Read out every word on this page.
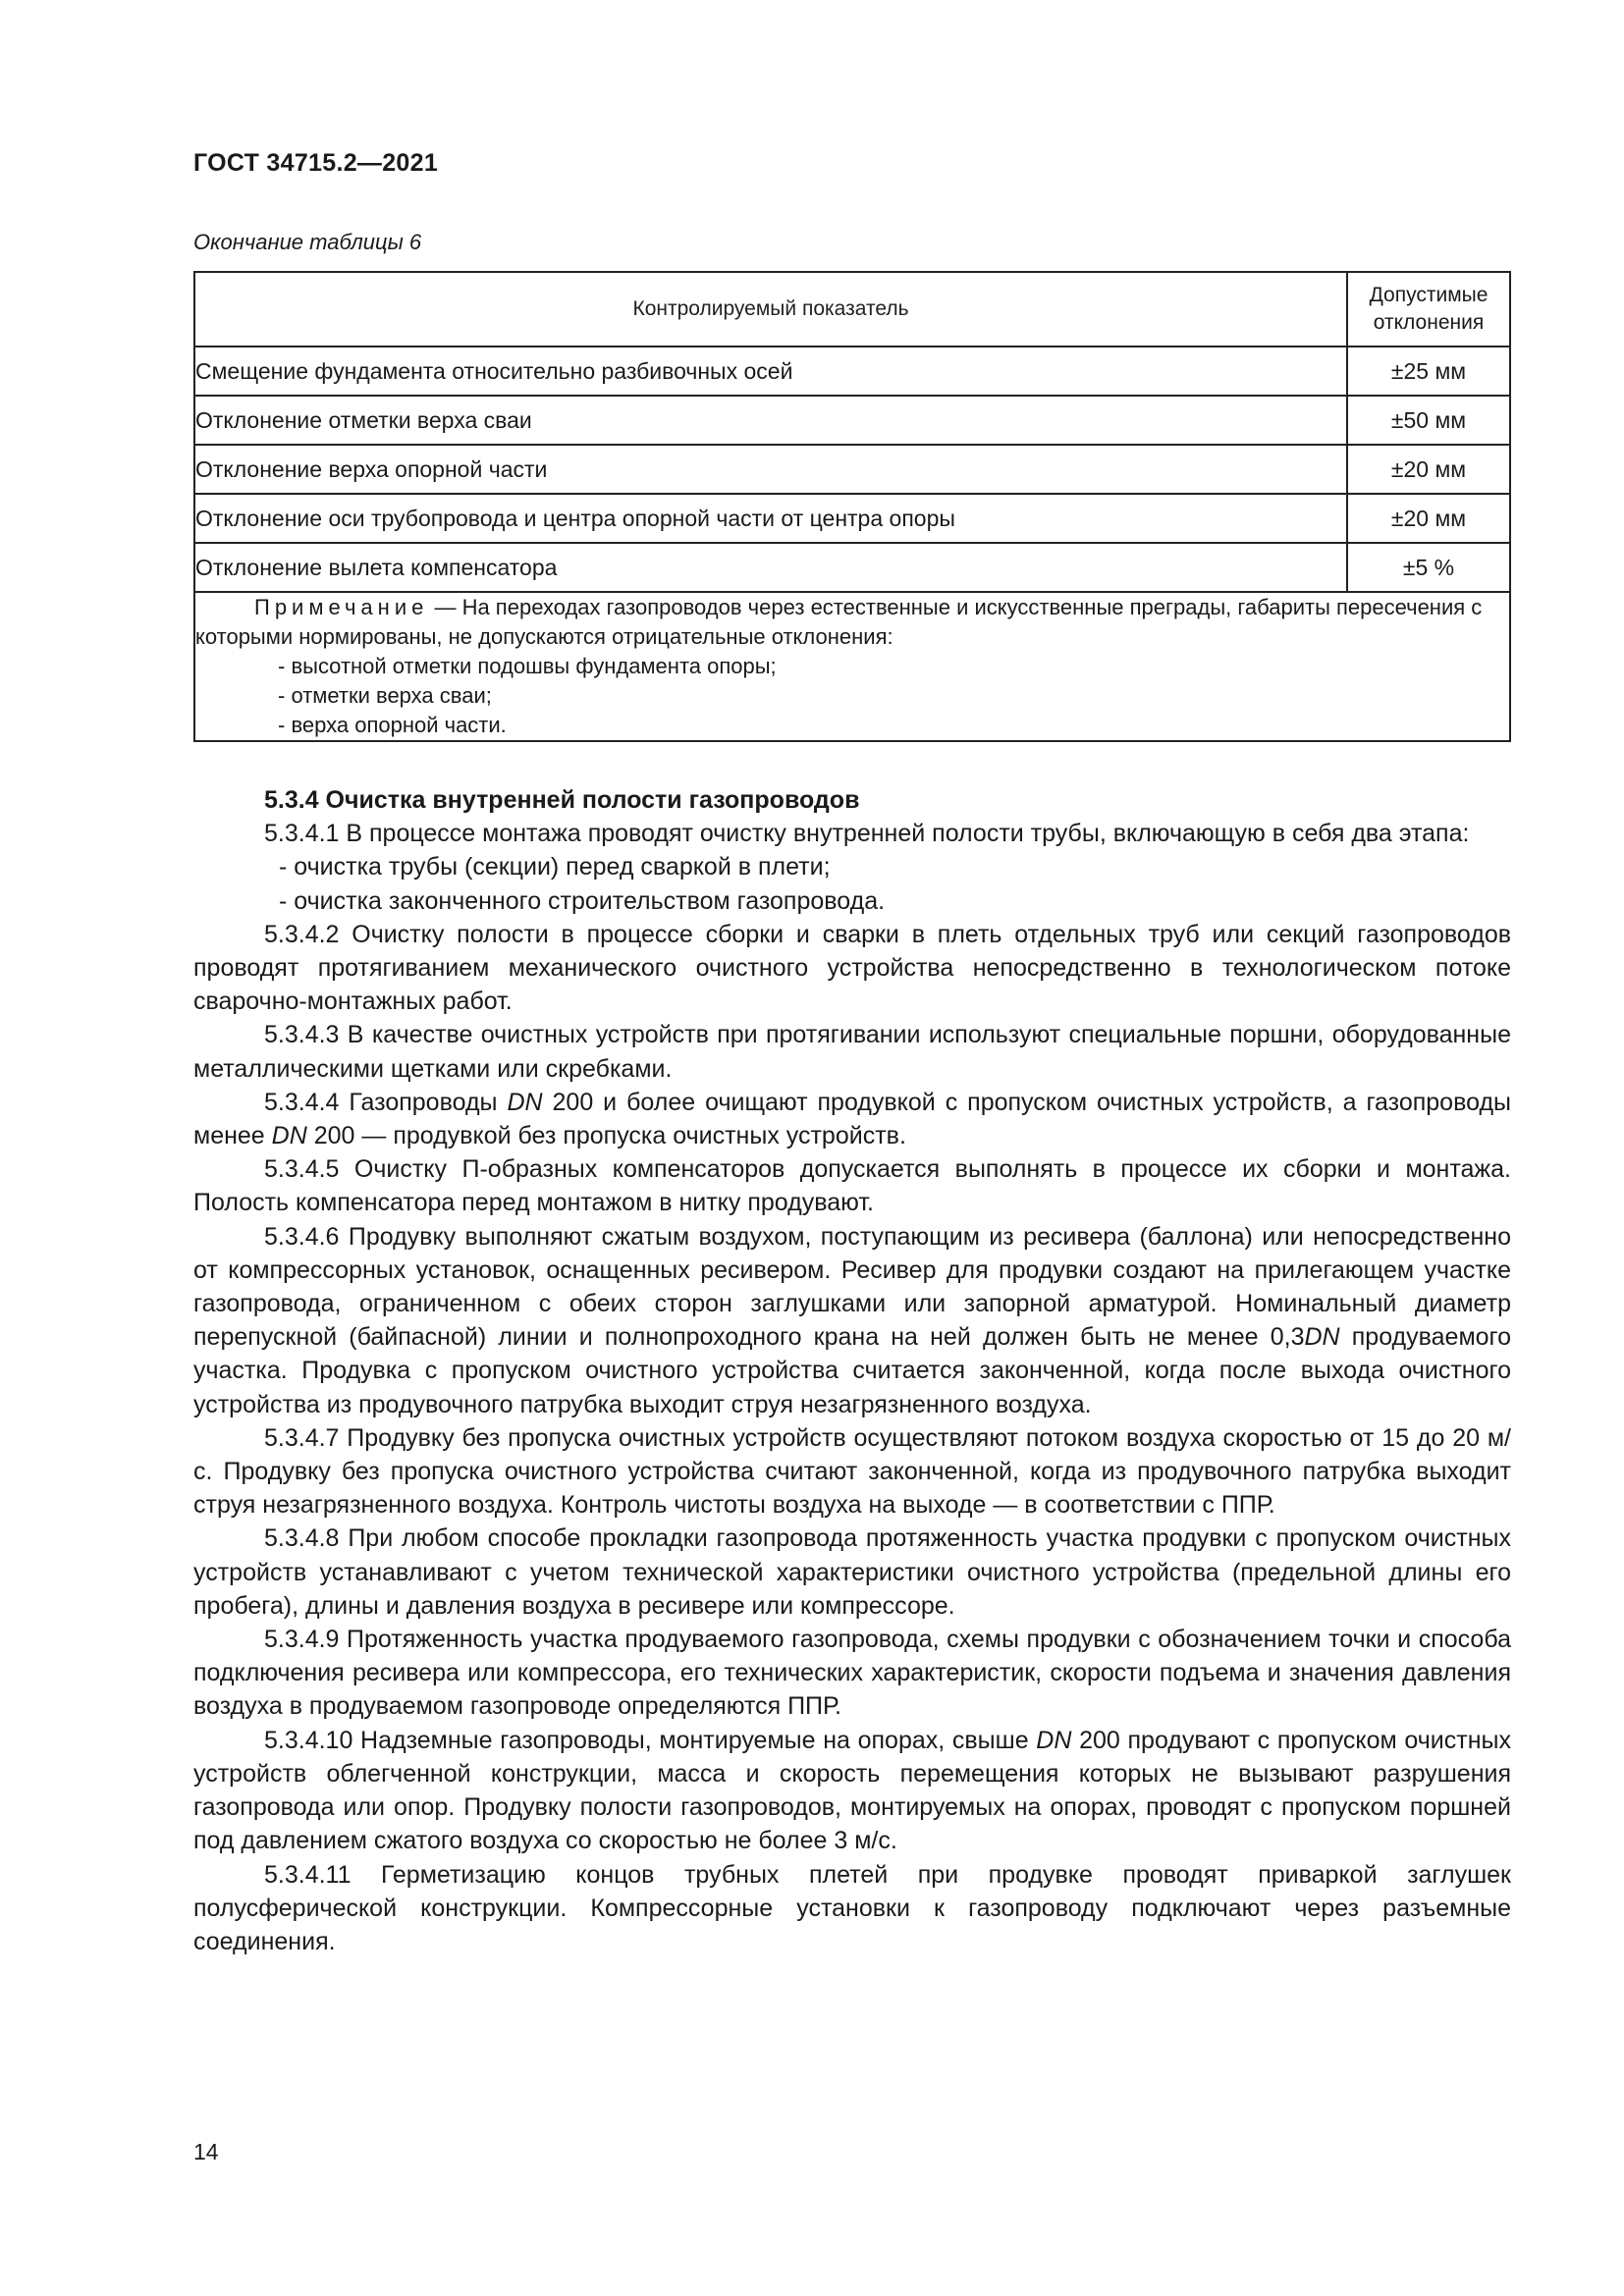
ГОСТ 34715.2—2021
Окончание таблицы 6
Контролируемый показатель	Допустимые отклонения
Смещение фундамента относительно разбивочных осей	±25 мм
Отклонение отметки верха сваи	±50 мм
Отклонение верха опорной части	±20 мм
Отклонение оси трубопровода и центра опорной части от центра опоры	±20 мм
Отклонение вылета компенсатора	±5 %

Примечание — На переходах газопроводов через естественные и искусственные преграды, габариты пересечения с которыми нормированы, не допускаются отрицательные отклонения:
- высотной отметки подошвы фундамента опоры;
- отметки верха сваи;
- верха опорной части.	

5.3.4 Очистка внутренней полости газопроводов

5.3.4.1 В процессе монтажа проводят очистку внутренней полости трубы, включающую в себя два этапа:

- очистка трубы (секции) перед сваркой в плети;

- очистка законченного строительством газопровода.

5.3.4.2 Очистку полости в процессе сборки и сварки в плеть отдельных труб или секций газопроводов проводят протягиванием механического очистного устройства непосредственно в технологическом потоке сварочно-монтажных работ.

5.3.4.3 В качестве очистных устройств при протягивании используют специальные поршни, оборудованные металлическими щетками или скребками.

5.3.4.4 Газопроводы DN 200 и более очищают продувкой с пропуском очистных устройств, а газопроводы менее DN 200 — продувкой без пропуска очистных устройств.

5.3.4.5 Очистку П-образных компенсаторов допускается выполнять в процессе их сборки и монтажа. Полость компенсатора перед монтажом в нитку продувают.

5.3.4.6 Продувку выполняют сжатым воздухом, поступающим из ресивера (баллона) или непосредственно от компрессорных установок, оснащенных ресивером. Ресивер для продувки создают на прилегающем участке газопровода, ограниченном с обеих сторон заглушками или запорной арматурой. Номинальный диаметр перепускной (байпасной) линии и полнопроходного крана на ней должен быть не менее 0,3DN продуваемого участка. Продувка с пропуском очистного устройства считается законченной, когда после выхода очистного устройства из продувочного патрубка выходит струя незагрязненного воздуха.

5.3.4.7 Продувку без пропуска очистных устройств осуществляют потоком воздуха скоростью от 15 до 20 м/с. Продувку без пропуска очистного устройства считают законченной, когда из продувочного патрубка выходит струя незагрязненного воздуха. Контроль чистоты воздуха на выходе — в соответствии с ППР.

5.3.4.8 При любом способе прокладки газопровода протяженность участка продувки с пропуском очистных устройств устанавливают с учетом технической характеристики очистного устройства (предельной длины его пробега), длины и давления воздуха в ресивере или компрессоре.

5.3.4.9 Протяженность участка продуваемого газопровода, схемы продувки с обозначением точки и способа подключения ресивера или компрессора, его технических характеристик, скорости подъема и значения давления воздуха в продуваемом газопроводе определяются ППР.

5.3.4.10 Надземные газопроводы, монтируемые на опорах, свыше DN 200 продувают с пропуском очистных устройств облегченной конструкции, масса и скорость перемещения которых не вызывают разрушения газопровода или опор. Продувку полости газопроводов, монтируемых на опорах, проводят с пропуском поршней под давлением сжатого воздуха со скоростью не более 3 м/с.

5.3.4.11 Герметизацию концов трубных плетей при продувке проводят приваркой заглушек полусферической конструкции. Компрессорные установки к газопроводу подключают через разъемные соединения.

14
